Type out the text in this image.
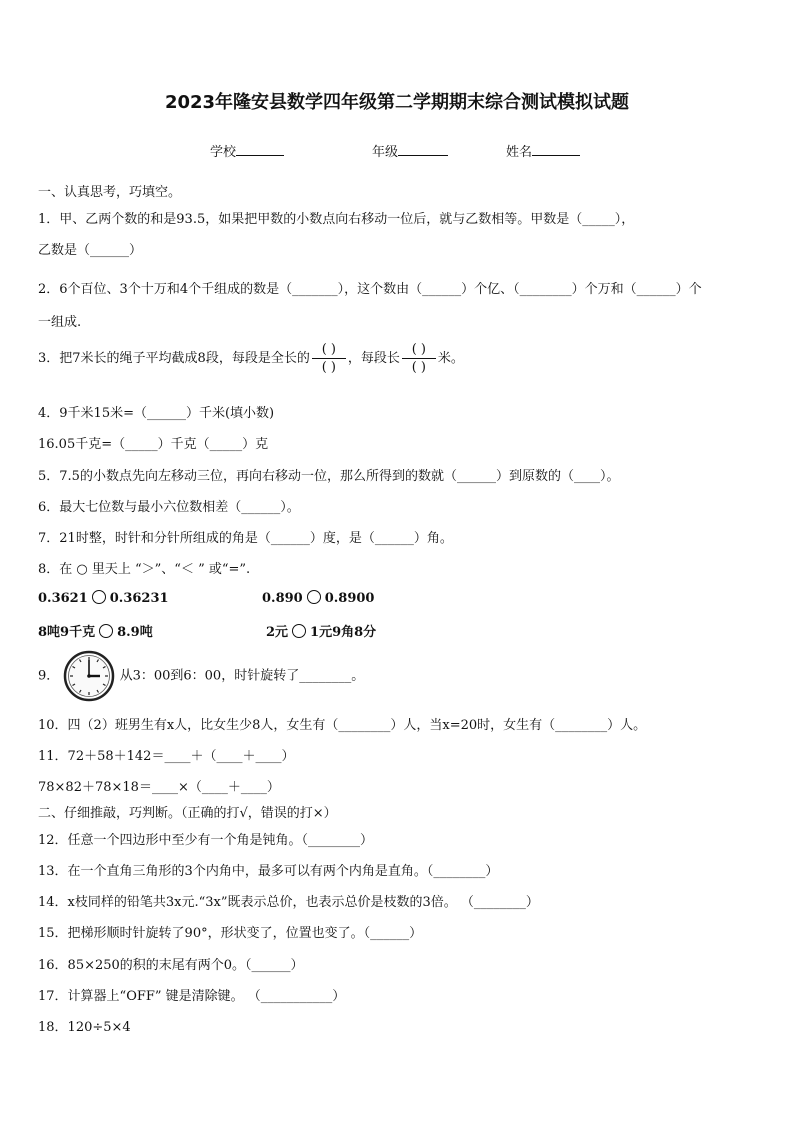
2023年隆安县数学四年级第二学期期末综合测试模拟试题
学校	年级	姓名
一、认真思考，巧填空。
1．甲、乙两个数的和是93.5，如果把甲数的小数点向右移动一位后，就与乙数相等。甲数是（_____），
乙数是（______）
2．6个百位、3个十万和4个千组成的数是（_______），这个数由（______）个亿、（________）个万和（______）个
一组成.
3．把7米长的绳子平均截成8段，每段是全长的 $\frac{( )}{( )}$ ，每段长 $\frac{( )}{( )}$ 米。
4．9千米15米=（______）千米(填小数)
16.05千克=（_____）千克（_____）克
5．7.5的小数点先向左移动三位，再向右移动一位，那么所得到的数就（______）到原数的（____）。
6．最大七位数与最小六位数相差（______）。
7．21时整，时针和分针所组成的角是（______）度，是（______）角。
8．在 ○ 里天上 “＞”、“＜ ” 或“=”.
0.3621 0.36231	0.890 0.8900
8吨9千克 8.9吨	2元 1元9角8分
9．	从3：00到6：00，时针旋转了________。
10．四（2）班男生有x人，比女生少8人，女生有（________）人，当x=20时，女生有（________）人。
11．72＋58＋142＝____＋（____＋____）
78×82＋78×18＝____×（____＋____）
二、仔细推敲，巧判断。（正确的打√，错误的打×）
12．任意一个四边形中至少有一个角是钝角。（________）
13．在一个直角三角形的3个内角中，最多可以有两个内角是直角。（________）
14．x枝同样的铅笔共3x元.“3x”既表示总价，也表示总价是枝数的3倍。 （________）
15．把梯形顺时针旋转了90°，形状变了，位置也变了。（______）
16．85×250的积的末尾有两个0。（______）
17．计算器上“OFF” 键是清除键。 （___________）
18．120÷5×4
